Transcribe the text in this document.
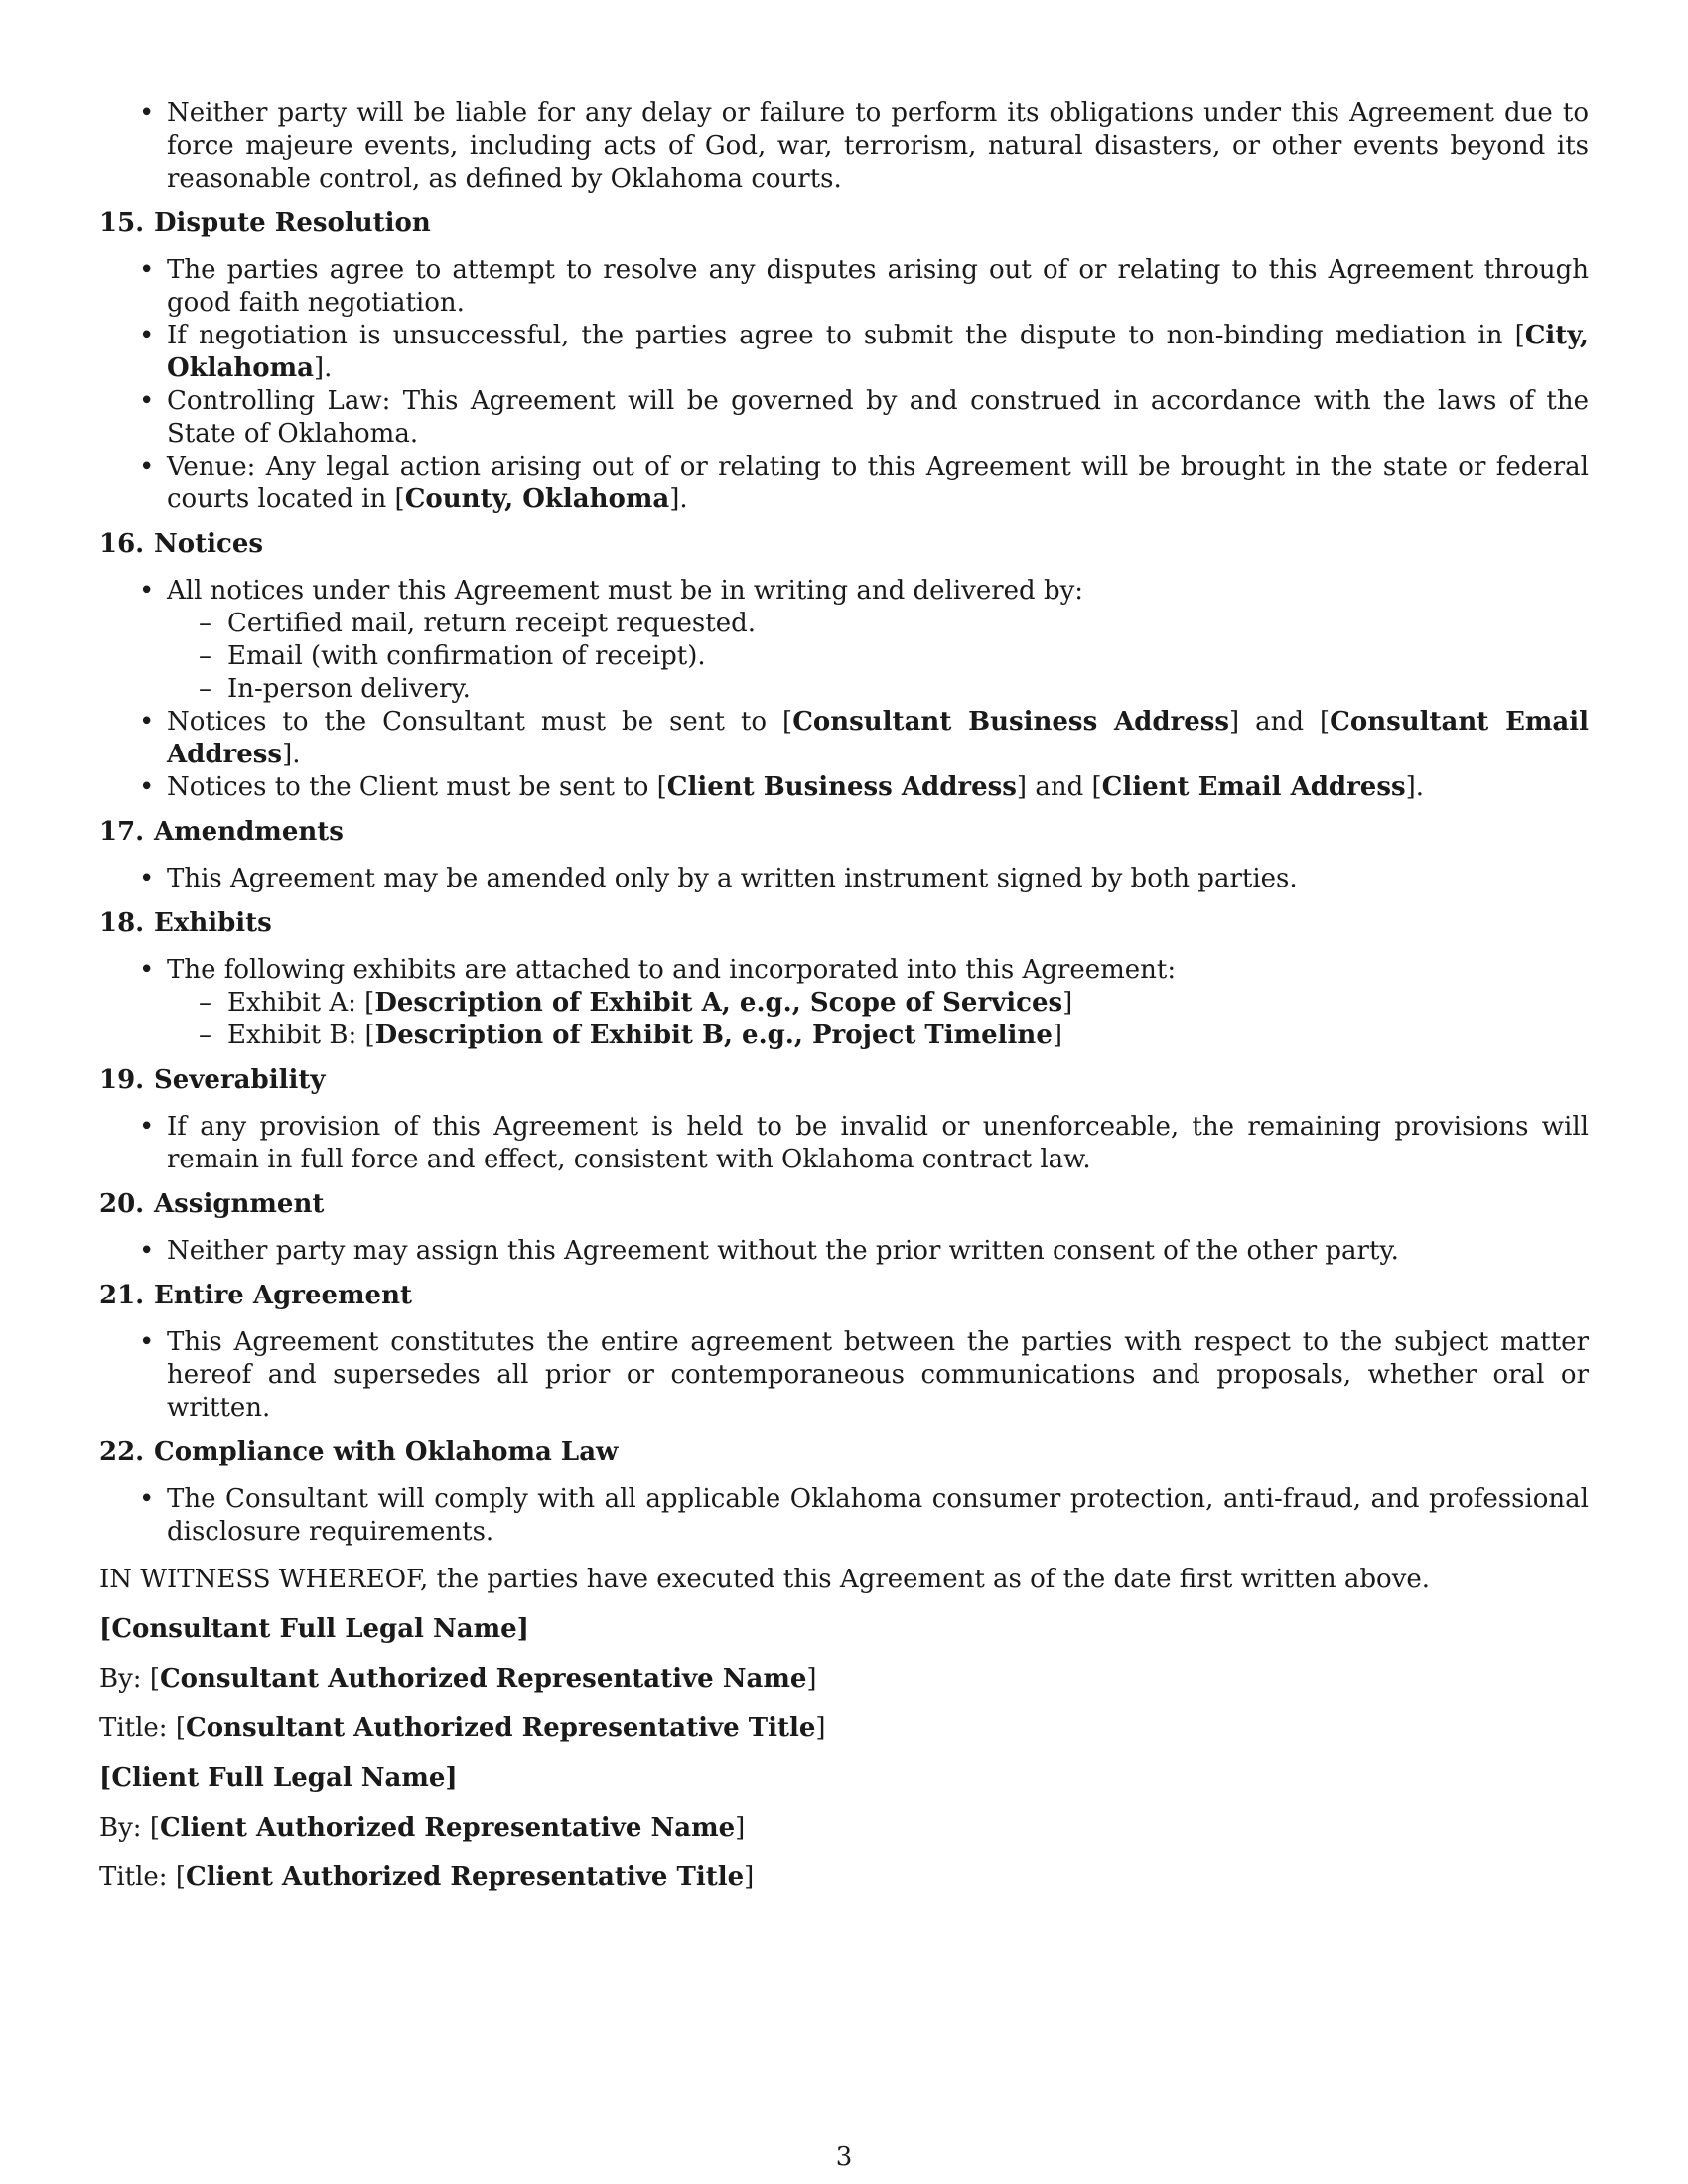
• Neither party will be liable for any delay or failure to perform its obligations under this Agreement due to force majeure events, including acts of God, war, terrorism, natural disasters, or other events beyond its reasonable control, as defined by Oklahoma courts.
15. Dispute Resolution
• The parties agree to attempt to resolve any disputes arising out of or relating to this Agreement through good faith negotiation.
• If negotiation is unsuccessful, the parties agree to submit the dispute to non-binding mediation in [City, Oklahoma].
• Controlling Law: This Agreement will be governed by and construed in accordance with the laws of the State of Oklahoma.
• Venue: Any legal action arising out of or relating to this Agreement will be brought in the state or federal courts located in [County, Oklahoma].
16. Notices
• All notices under this Agreement must be in writing and delivered by:
– Certified mail, return receipt requested.
– Email (with confirmation of receipt).
– In-person delivery.
• Notices to the Consultant must be sent to [Consultant Business Address] and [Consultant Email Address].
• Notices to the Client must be sent to [Client Business Address] and [Client Email Address].
17. Amendments
• This Agreement may be amended only by a written instrument signed by both parties.
18. Exhibits
• The following exhibits are attached to and incorporated into this Agreement:
– Exhibit A: [Description of Exhibit A, e.g., Scope of Services]
– Exhibit B: [Description of Exhibit B, e.g., Project Timeline]
19. Severability
• If any provision of this Agreement is held to be invalid or unenforceable, the remaining provisions will remain in full force and effect, consistent with Oklahoma contract law.
20. Assignment
• Neither party may assign this Agreement without the prior written consent of the other party.
21. Entire Agreement
• This Agreement constitutes the entire agreement between the parties with respect to the subject matter hereof and supersedes all prior or contemporaneous communications and proposals, whether oral or written.
22. Compliance with Oklahoma Law
• The Consultant will comply with all applicable Oklahoma consumer protection, anti-fraud, and professional disclosure requirements.

IN WITNESS WHEREOF, the parties have executed this Agreement as of the date first written above.

[Consultant Full Legal Name]

By: [Consultant Authorized Representative Name]

Title: [Consultant Authorized Representative Title]

[Client Full Legal Name]

By: [Client Authorized Representative Name]

Title: [Client Authorized Representative Title]

3
